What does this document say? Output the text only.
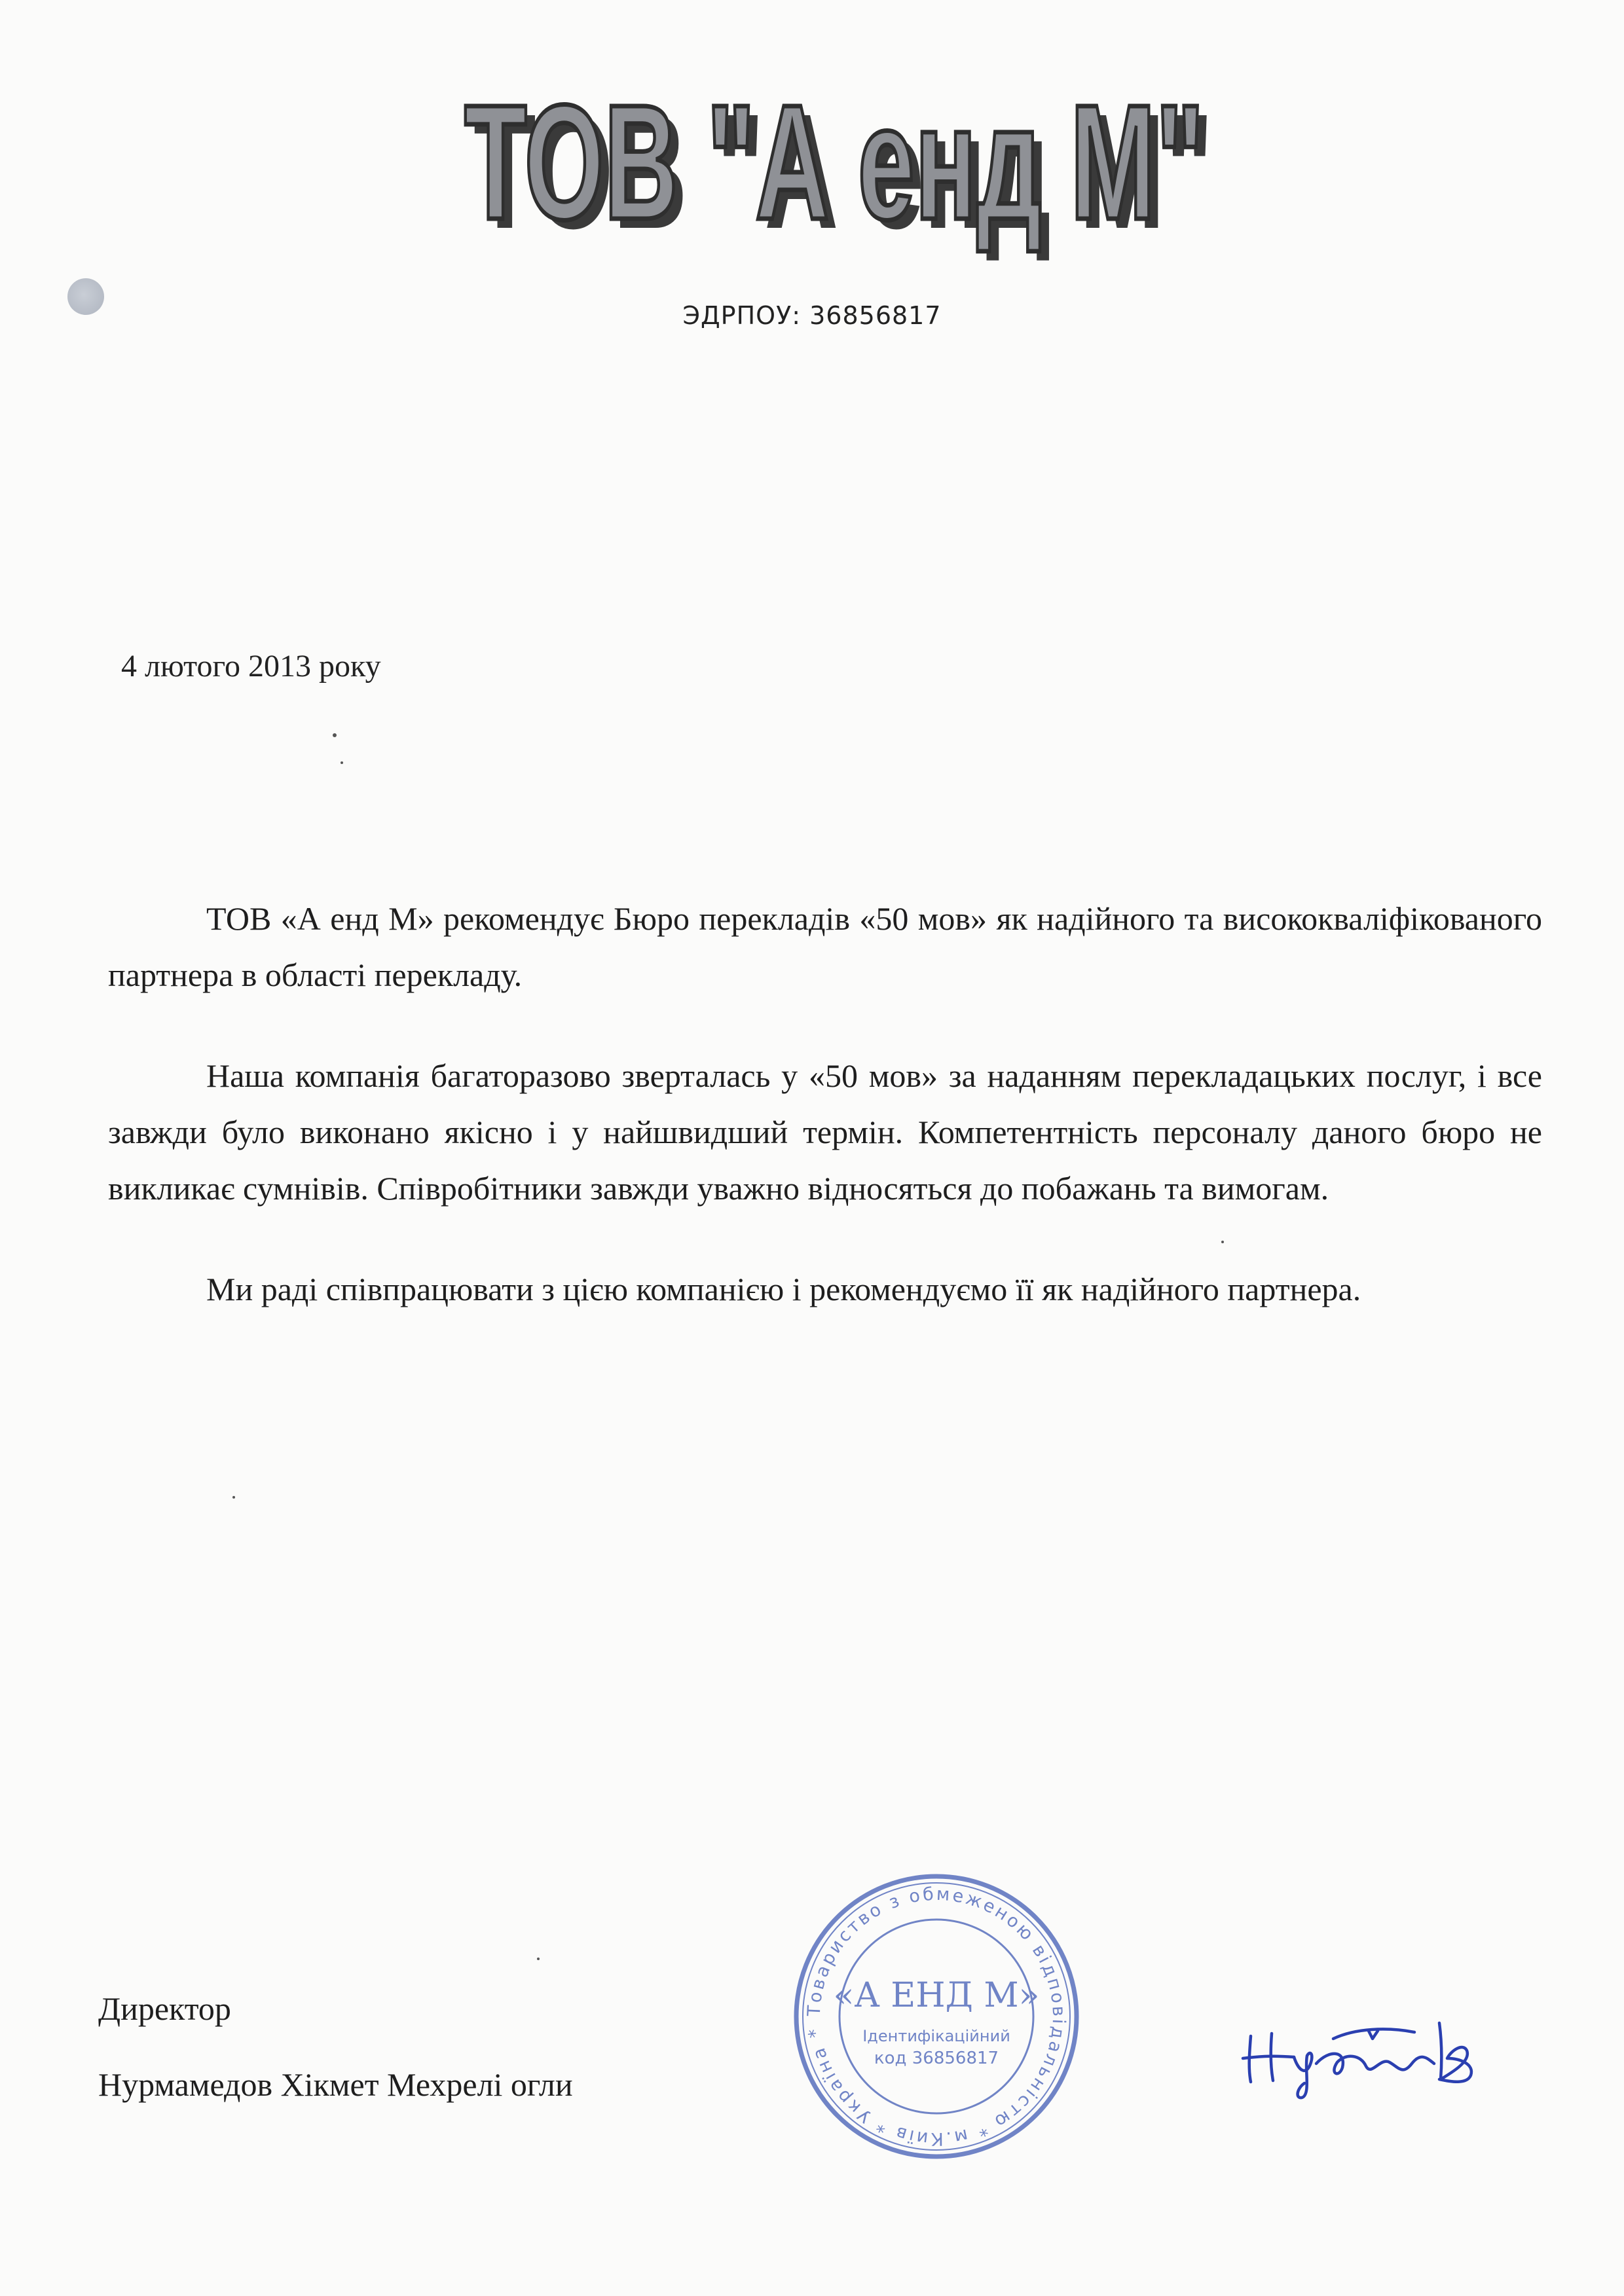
ТОВ "А енд М"
ТОВ "А енд М"
ЭДРПОУ: 36856817
4 лютого 2013 року

ТОВ «А енд М» рекомендує Бюро перекладів «50 мов» як надійного та висококваліфікованого партнера в області перекладу.

Наша компанія багаторазово зверталась у «50 мов» за наданням перекладацьких послуг, і все завжди було виконано якісно і у найшвидший термін. Компетентність персоналу даного бюро не викликає сумнівів. Співробітники завжди уважно відносяться до побажань та вимогам.

Ми раді співпрацювати з цією компанією і рекомендуємо її як надійного партнера.

Директор
Нурмамедов Хікмет Мехрелі огли
Товариство з обмеженою відповідальністю * м.Київ * Україна *
«А ЕНД М»
Ідентифікаційний
код 36856817
